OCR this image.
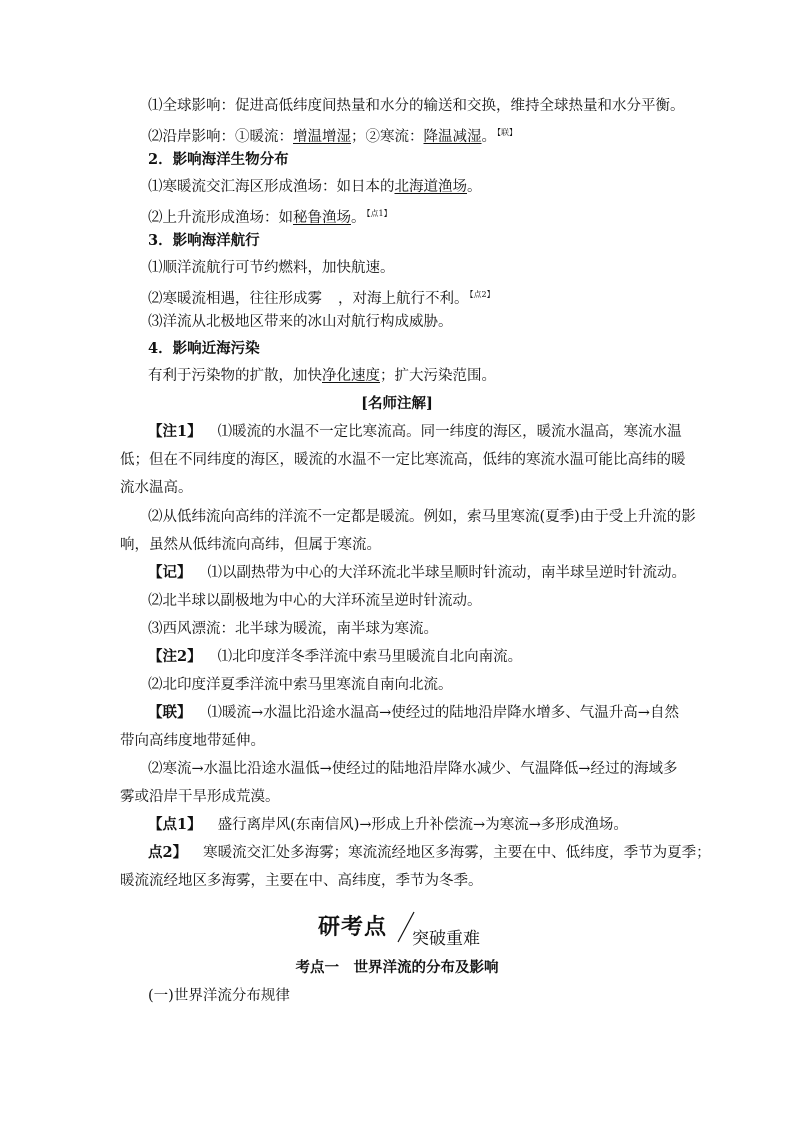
⑴全球影响：促进高低纬度间热量和水分的输送和交换，维持全球热量和水分平衡。
⑵沿岸影响：①暖流：增温增湿；②寒流：降温减湿。$^{【联】}$
2．影响海洋生物分布
⑴寒暖流交汇海区形成渔场：如日本的北海道渔场。
⑵上升流形成渔场：如秘鲁渔场。$^{【点1】}$
3．影响海洋航行
⑴顺洋流航行可节约燃料，加快航速。
⑵寒暖流相遇，往往形成雾 ，对海上航行不利。$^{【点2】}$
⑶洋流从北极地区带来的冰山对航行构成威胁。
4．影响近海污染
有利于污染物的扩散，加快净化速度；扩大污染范围。
[名师注解]
【注1】 ⑴暖流的水温不一定比寒流高。同一纬度的海区，暖流水温高，寒流水温
低；但在不同纬度的海区，暖流的水温不一定比寒流高，低纬的寒流水温可能比高纬的暖
流水温高。
⑵从低纬流向高纬的洋流不一定都是暖流。例如，索马里寒流(夏季)由于受上升流的影
响，虽然从低纬流向高纬，但属于寒流。
【记】 ⑴以副热带为中心的大洋环流北半球呈顺时针流动，南半球呈逆时针流动。
⑵北半球以副极地为中心的大洋环流呈逆时针流动。
⑶西风漂流：北半球为暖流，南半球为寒流。
【注2】 ⑴北印度洋冬季洋流中索马里暖流自北向南流。
⑵北印度洋夏季洋流中索马里寒流自南向北流。
【联】 ⑴暖流→水温比沿途水温高→使经过的陆地沿岸降水增多、气温升高→自然
带向高纬度地带延伸。
⑵寒流→水温比沿途水温低→使经过的陆地沿岸降水减少、气温降低→经过的海域多
雾或沿岸干旱形成荒漠。
【点1】 盛行离岸风(东南信风)→形成上升补偿流→为寒流→多形成渔场。
点2】 寒暖流交汇处多海雾；寒流流经地区多海雾，主要在中、低纬度，季节为夏季；
暖流流经地区多海雾，主要在中、高纬度，季节为冬季。
研考点 突破重难
考点一　世界洋流的分布及影响
(一)世界洋流分布规律
